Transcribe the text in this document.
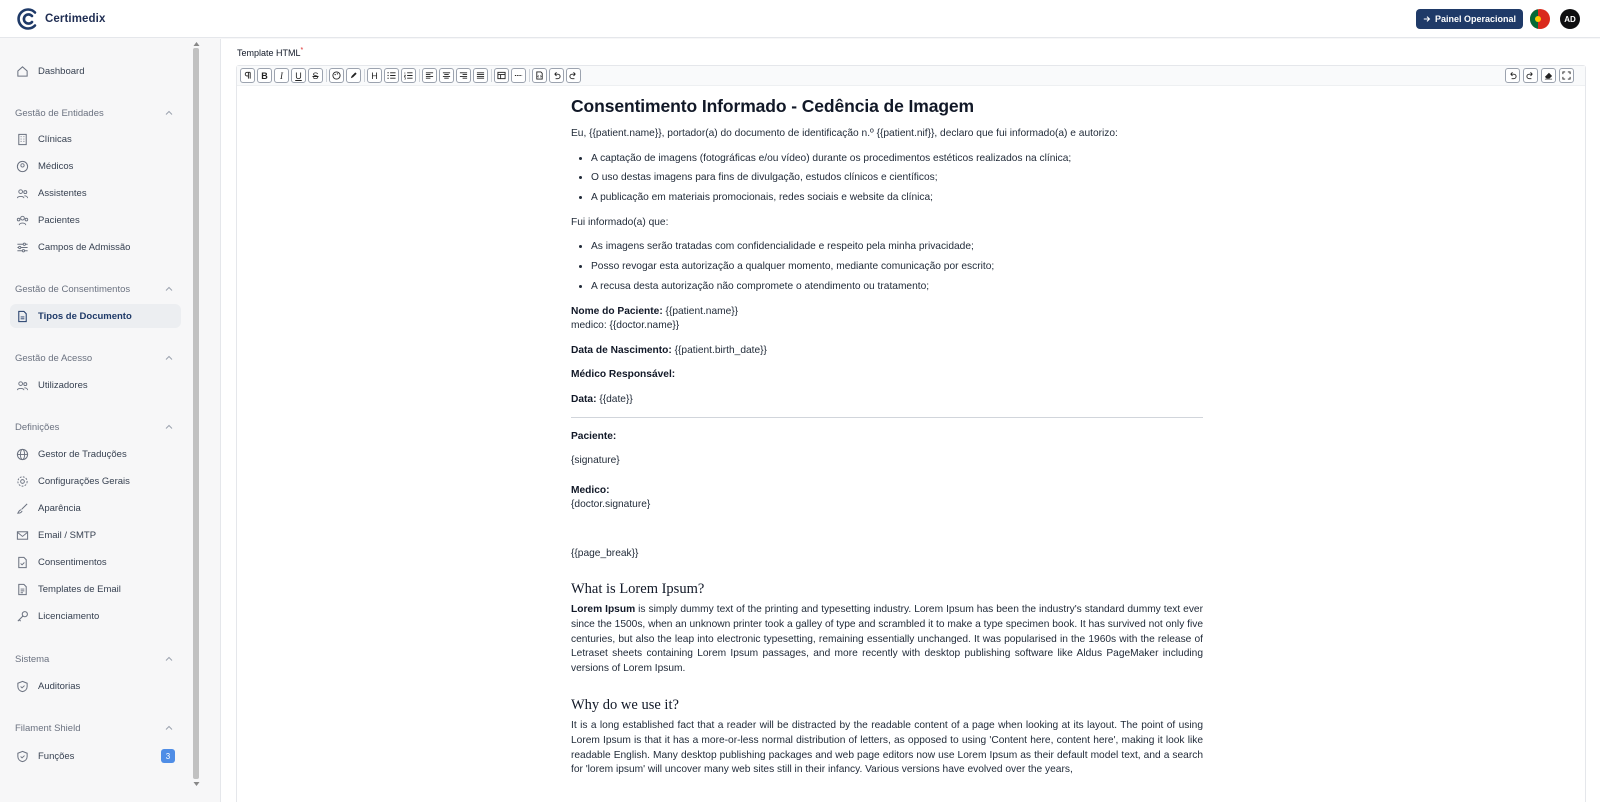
Certimedix	Painel Operacional	AD
Dashboard
Gestão de Entidades
Clínicas
Médicos
Assistentes
Pacientes
Campos de Admissão
Gestão de Consentimentos
Tipos de Documento
Gestão de Acesso
Utilizadores
Definições
Gestor de Traduções
Configurações Gerais
Aparência
Email / SMTP
Consentimentos
Templates de Email
Licenciamento
Sistema
Auditorias
Filament Shield
Funções	3
Template HTML*
B	I	U	S	H
Consentimento Informado - Cedência de Imagem
Eu, {{patient.name}}, portador(a) do documento de identificação n.º {{patient.nif}}, declaro que fui informado(a) e autorizo:
• A captação de imagens (fotográficas e/ou vídeo) durante os procedimentos estéticos realizados na clínica;
• O uso destas imagens para fins de divulgação, estudos clínicos e científicos;
• A publicação em materiais promocionais, redes sociais e website da clínica;
Fui informado(a) que:
• As imagens serão tratadas com confidencialidade e respeito pela minha privacidade;
• Posso revogar esta autorização a qualquer momento, mediante comunicação por escrito;
• A recusa desta autorização não compromete o atendimento ou tratamento;
Nome do Paciente: {{patient.name}}
medico: {{doctor.name}}
Data de Nascimento: {{patient.birth_date}}
Médico Responsável:
Data: {{date}}
Paciente:
{signature}
Medico:
{doctor.signature}
{{page_break}}
What is Lorem Ipsum?
Lorem Ipsum is simply dummy text of the printing and typesetting industry. Lorem Ipsum has been the industry's standard dummy text ever since the 1500s, when an unknown printer took a galley of type and scrambled it to make a type specimen book. It has survived not only five centuries, but also the leap into electronic typesetting, remaining essentially unchanged. It was popularised in the 1960s with the release of Letraset sheets containing Lorem Ipsum passages, and more recently with desktop publishing software like Aldus PageMaker including versions of Lorem Ipsum.
Why do we use it?
It is a long established fact that a reader will be distracted by the readable content of a page when looking at its layout. The point of using Lorem Ipsum is that it has a more-or-less normal distribution of letters, as opposed to using 'Content here, content here', making it look like readable English. Many desktop publishing packages and web page editors now use Lorem Ipsum as their default model text, and a search for 'lorem ipsum' will uncover many web sites still in their infancy. Various versions have evolved over the years,
